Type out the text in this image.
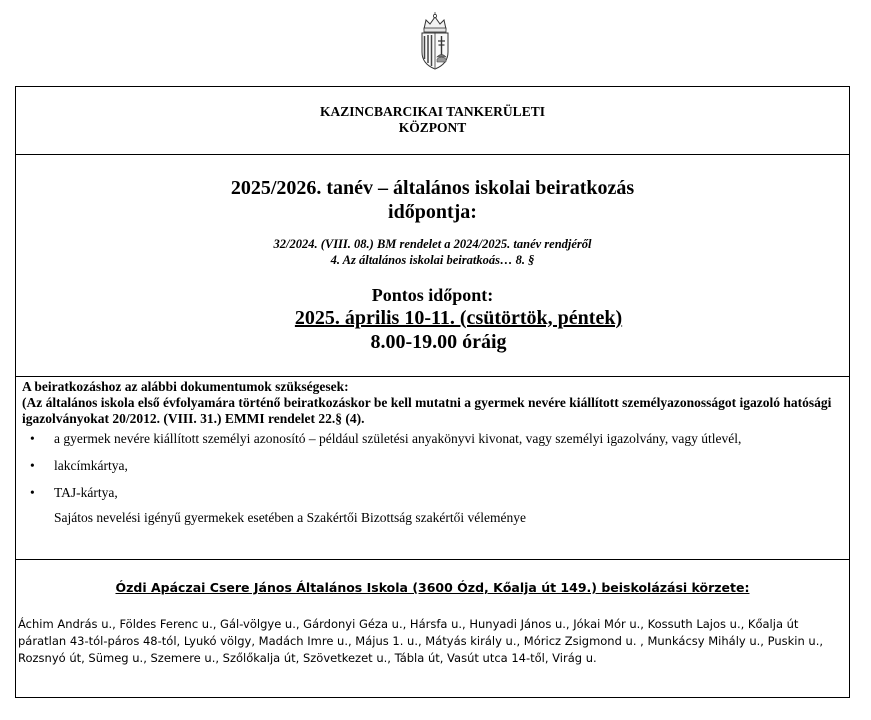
KAZINCBARCIKAI TANKERÜLETI
KÖZPONT
2025/2026. tanév – általános iskolai beiratkozás
időpontja:
32/2024. (VIII. 08.) BM rendelet a 2024/2025. tanév rendjéről
4. Az általános iskolai beiratkoás… 8. §
Pontos időpont:
2025. április 10-11. (csütörtök, péntek)
8.00-19.00 óráig
A beiratkozáshoz az alábbi dokumentumok szükségesek:
(Az általános iskola első évfolyamára történő beiratkozáskor be kell mutatni a gyermek nevére kiállított személyazonosságot igazoló hatósági igazolványokat 20/2012. (VIII. 31.) EMMI rendelet 22.§ (4).
• a gyermek nevére kiállított személyi azonosító – például születési anyakönyvi kivonat, vagy személyi igazolvány, vagy útlevél,
• lakcímkártya,
• TAJ-kártya,
Sajátos nevelési igényű gyermekek esetében a Szakértői Bizottság szakértői véleménye
Ózdi Apáczai Csere János Általános Iskola (3600 Ózd, Kőalja út 149.) beiskolázási körzete:
Áchim András u., Földes Ferenc u., Gál-völgye u., Gárdonyi Géza u., Hársfa u., Hunyadi János u., Jókai Mór u., Kossuth Lajos u., Kőalja út páratlan 43-tól-páros 48-tól, Lyukó völgy, Madách Imre u., Május 1. u., Mátyás király u., Móricz Zsigmond u. , Munkácsy Mihály u., Puskin u., Rozsnyó út, Sümeg u., Szemere u., Szőlőkalja út, Szövetkezet u., Tábla út, Vasút utca 14-től, Virág u.
